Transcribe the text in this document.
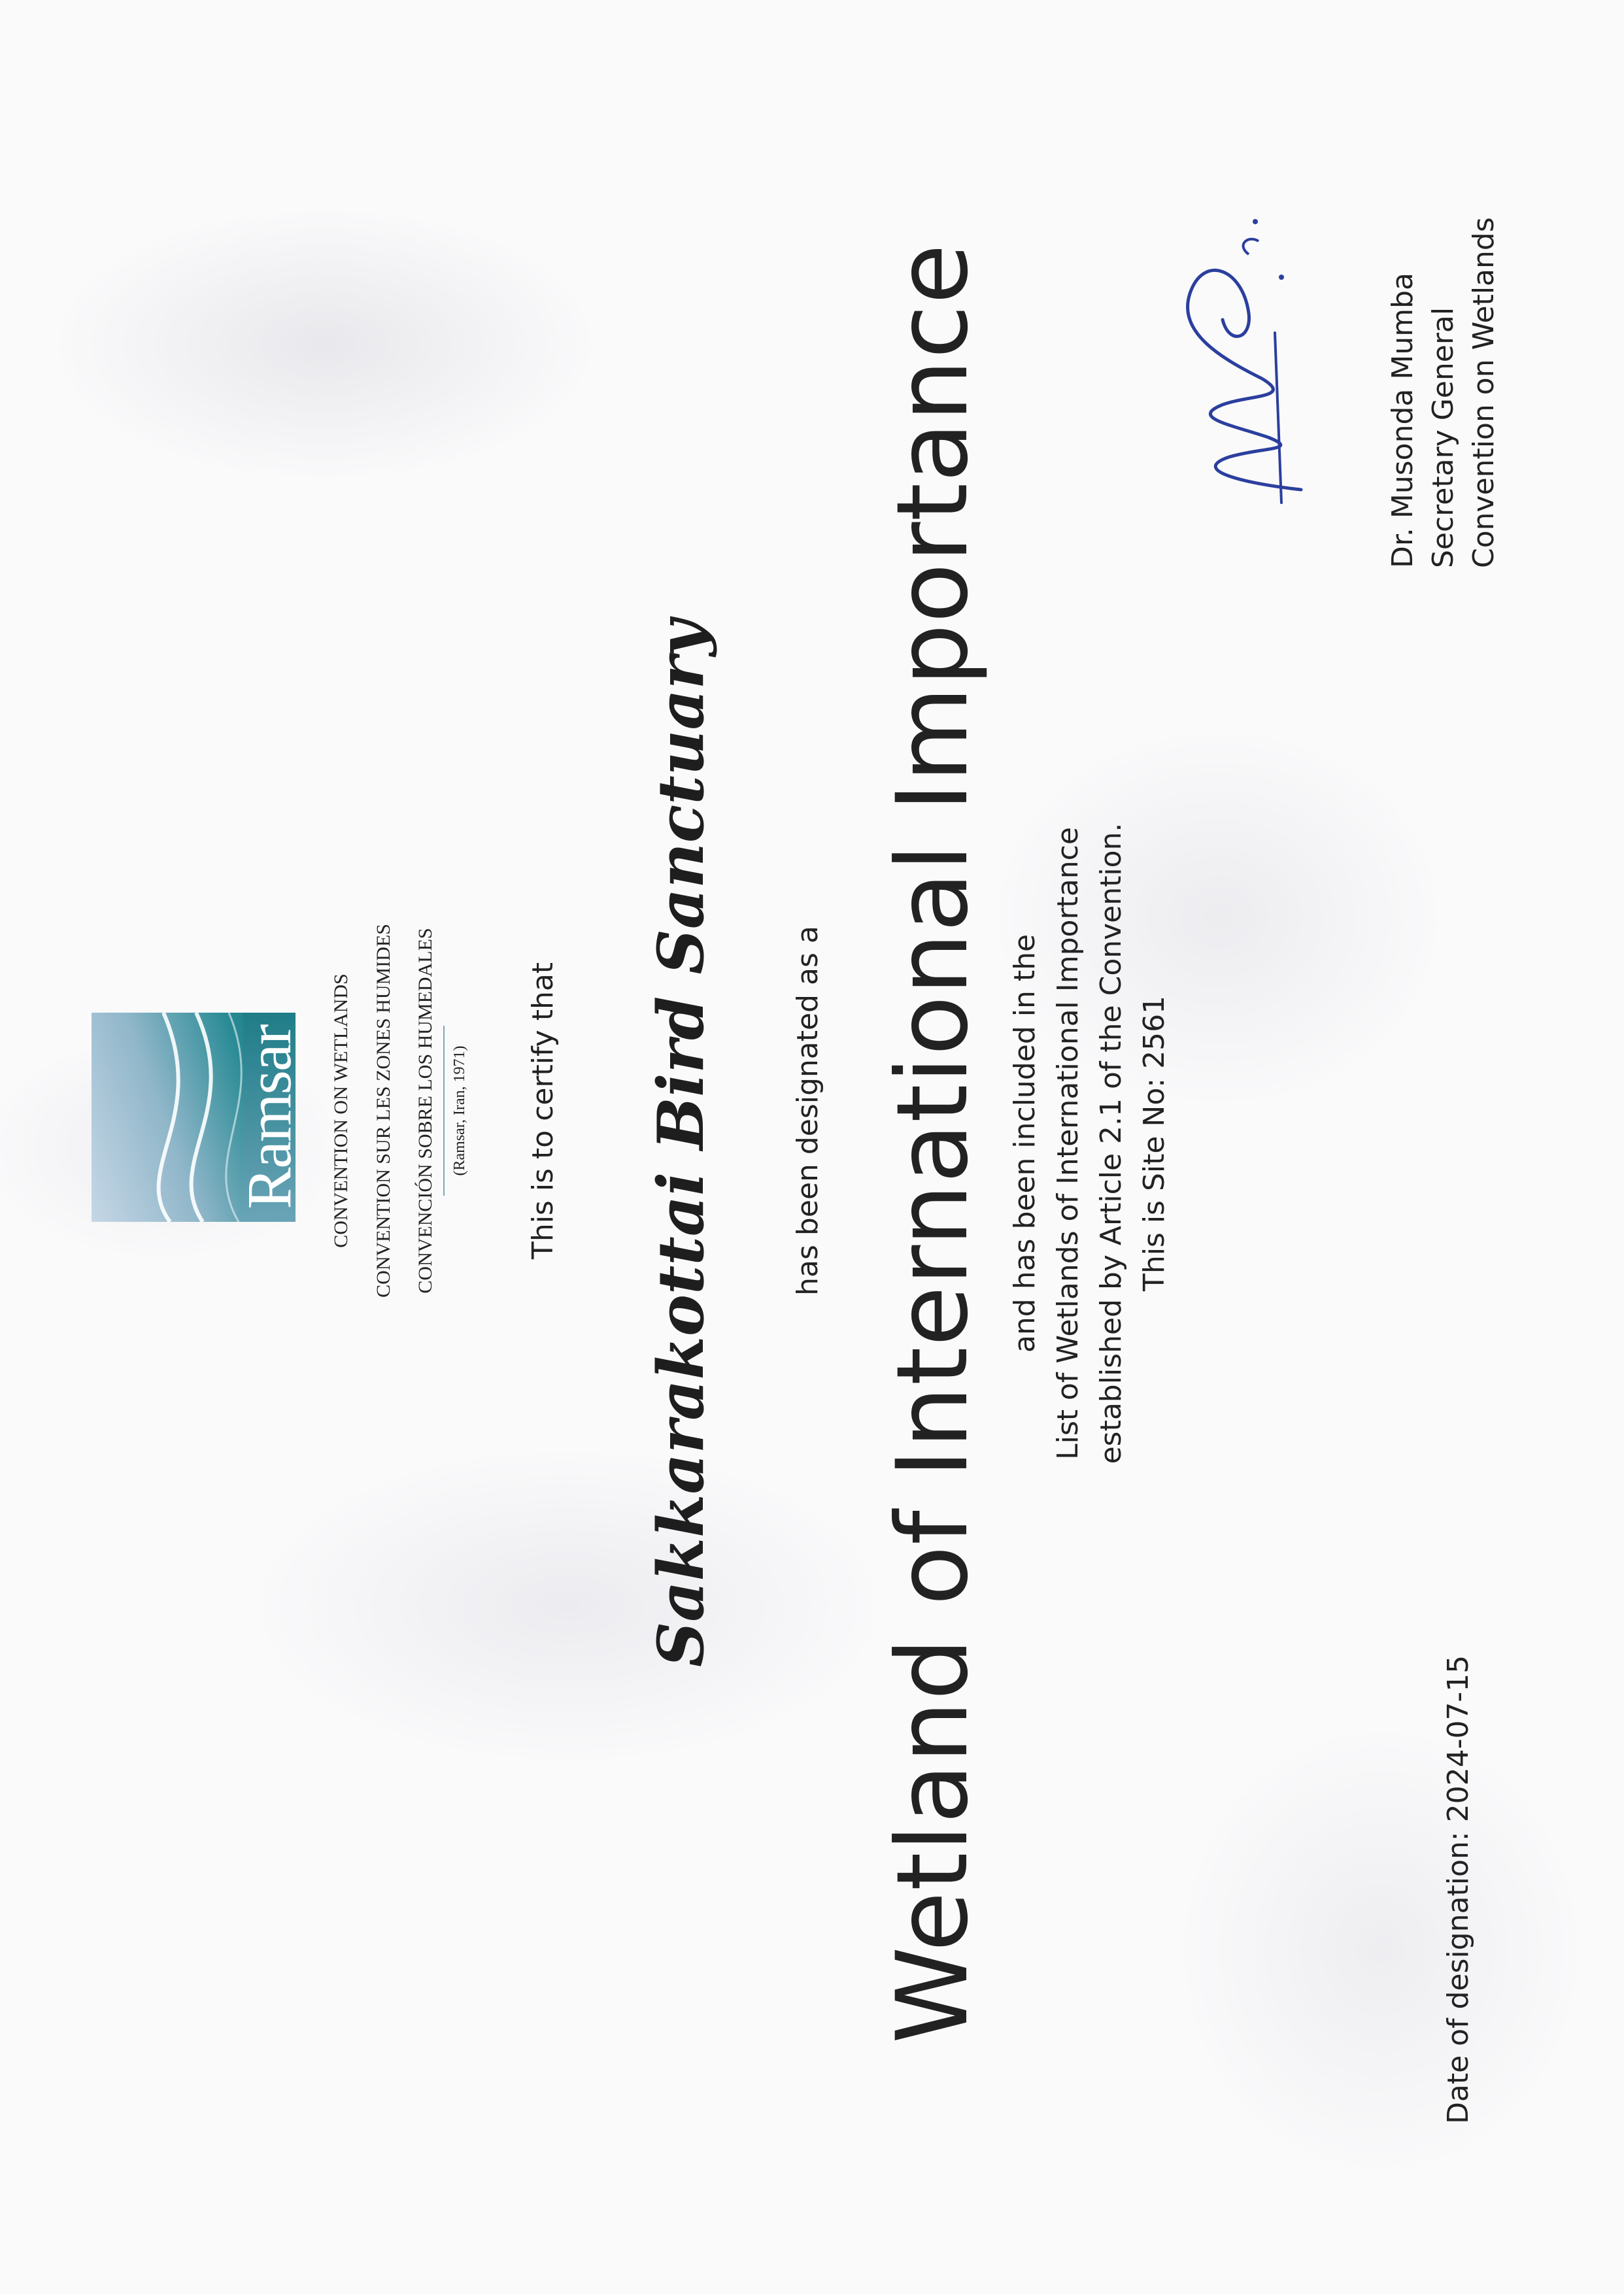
Ramsar CONVENTION ON WETLANDS CONVENTION SUR LES ZONES HUMIDES CONVENCIÓN SOBRE LOS HUMEDALES (Ramsar, Iran, 1971) This is to certify that Sakkarakottai Bird Sanctuary	has been designated as a Wetland of International Importance and has been included in the List of Wetlands of International Importance established by Article 2.1 of the Convention. This is Site No: 2561
Date of designation: 2024-07-15
Dr. Musonda Mumba Secretary General Convention on Wetlands
